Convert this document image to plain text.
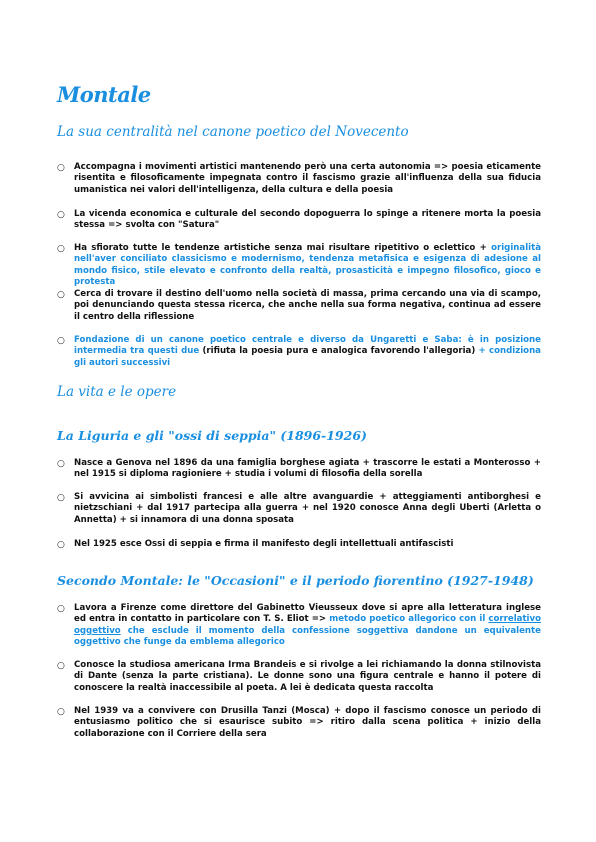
Montale
La sua centralità nel canone poetico del Novecento
○ Accompagna i movimenti artistici mantenendo però una certa autonomia => poesia eticamente risentita e filosoficamente impegnata contro il fascismo grazie all'influenza della sua fiducia umanistica nei valori dell'intelligenza, della cultura e della poesia
○ La vicenda economica e culturale del secondo dopoguerra lo spinge a ritenere morta la poesia stessa => svolta con "Satura"
○ Ha sfiorato tutte le tendenze artistiche senza mai risultare ripetitivo o eclettico + originalità nell'aver conciliato classicismo e modernismo, tendenza metafisica e esigenza di adesione al mondo fisico, stile elevato e confronto della realtà, prosasticità e impegno filosofico, gioco e protesta
○ Cerca di trovare il destino dell'uomo nella società di massa, prima cercando una via di scampo, poi denunciando questa stessa ricerca, che anche nella sua forma negativa, continua ad essere il centro della riflessione
○ Fondazione di un canone poetico centrale e diverso da Ungaretti e Saba: è in posizione intermedia tra questi due (rifiuta la poesia pura e analogica favorendo l'allegoria) + condiziona gli autori successivi
La vita e le opere
La Liguria e gli "ossi di seppia" (1896-1926)
○ Nasce a Genova nel 1896 da una famiglia borghese agiata + trascorre le estati a Monterosso + nel 1915 si diploma ragioniere + studia i volumi di filosofia della sorella
○ Si avvicina ai simbolisti francesi e alle altre avanguardie + atteggiamenti antiborghesi e nietzschiani + dal 1917 partecipa alla guerra + nel 1920 conosce Anna degli Uberti (Arletta o Annetta) + si innamora di una donna sposata
○ Nel 1925 esce Ossi di seppia e firma il manifesto degli intellettuali antifascisti
Secondo Montale: le "Occasioni" e il periodo fiorentino (1927-1948)
○ Lavora a Firenze come direttore del Gabinetto Vieusseux dove si apre alla letteratura inglese ed entra in contatto in particolare con T. S. Eliot => metodo poetico allegorico con il correlativo oggettivo che esclude il momento della confessione soggettiva dandone un equivalente oggettivo che funge da emblema allegorico
○ Conosce la studiosa americana Irma Brandeis e si rivolge a lei richiamando la donna stilnovista di Dante (senza la parte cristiana). Le donne sono una figura centrale e hanno il potere di conoscere la realtà inaccessibile al poeta. A lei è dedicata questa raccolta
○ Nel 1939 va a convivere con Drusilla Tanzi (Mosca) + dopo il fascismo conosce un periodo di entusiasmo politico che si esaurisce subito => ritiro dalla scena politica + inizio della collaborazione con il Corriere della sera
